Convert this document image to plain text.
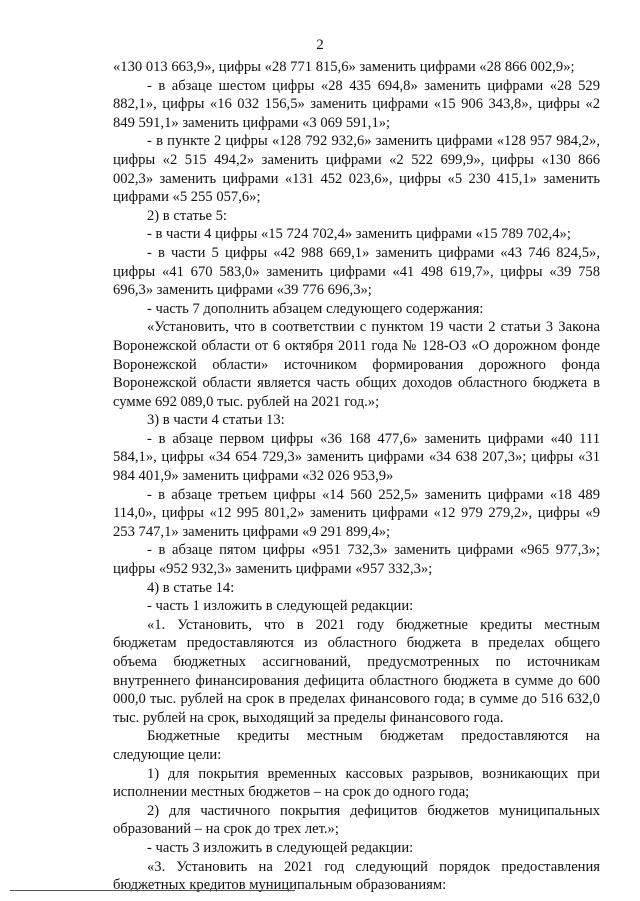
2

«130 013 663,9», цифры «28 771 815,6» заменить цифрами «28 866 002,9»;

- в абзаце шестом цифры «28 435 694,8» заменить цифрами «28 529 882,1», цифры «16 032 156,5» заменить цифрами «15 906 343,8», цифры «2 849 591,1» заменить цифрами «3 069 591,1»;

- в пункте 2 цифры «128 792 932,6» заменить цифрами «128 957 984,2», цифры «2 515 494,2» заменить цифрами «2 522 699,9», цифры «130 866 002,3» заменить цифрами «131 452 023,6», цифры «5 230 415,1» заменить цифрами «5 255 057,6»;

2) в статье 5:

- в части 4 цифры «15 724 702,4» заменить цифрами «15 789 702,4»;

- в части 5 цифры «42 988 669,1» заменить цифрами «43 746 824,5», цифры «41 670 583,0» заменить цифрами «41 498 619,7», цифры «39 758 696,3» заменить цифрами «39 776 696,3»;

- часть 7 дополнить абзацем следующего содержания:

«Установить, что в соответствии с пунктом 19 части 2 статьи 3 Закона Воронежской области от 6 октября 2011 года № 128-ОЗ «О дорожном фонде Воронежской области» источником формирования дорожного фонда Воронежской области является часть общих доходов областного бюджета в сумме 692 089,0 тыс. рублей на 2021 год.»;

3) в части 4 статьи 13:

- в абзаце первом цифры «36 168 477,6» заменить цифрами «40 111 584,1», цифры «34 654 729,3» заменить цифрами «34 638 207,3»; цифры «31 984 401,9» заменить цифрами «32 026 953,9»

- в абзаце третьем цифры «14 560 252,5» заменить цифрами «18 489 114,0», цифры «12 995 801,2» заменить цифрами «12 979 279,2», цифры «9 253 747,1» заменить цифрами «9 291 899,4»;

- в абзаце пятом цифры «951 732,3» заменить цифрами «965 977,3»; цифры «952 932,3» заменить цифрами «957 332,3»;

4) в статье 14:

- часть 1 изложить в следующей редакции:

«1. Установить, что в 2021 году бюджетные кредиты местным бюджетам предоставляются из областного бюджета в пределах общего объема бюджетных ассигнований, предусмотренных по источникам внутреннего финансирования дефицита областного бюджета в сумме до 600 000,0 тыс. рублей на срок в пределах финансового года; в сумме до 516 632,0 тыс. рублей на срок, выходящий за пределы финансового года.

Бюджетные кредиты местным бюджетам предоставляются на следующие цели:

1) для покрытия временных кассовых разрывов, возникающих при исполнении местных бюджетов – на срок до одного года;

2) для частичного покрытия дефицитов бюджетов муниципальных образований – на срок до трех лет.»;

- часть 3 изложить в следующей редакции:

«3. Установить на 2021 год следующий порядок предоставления бюджетных кредитов муниципальным образованиям:
